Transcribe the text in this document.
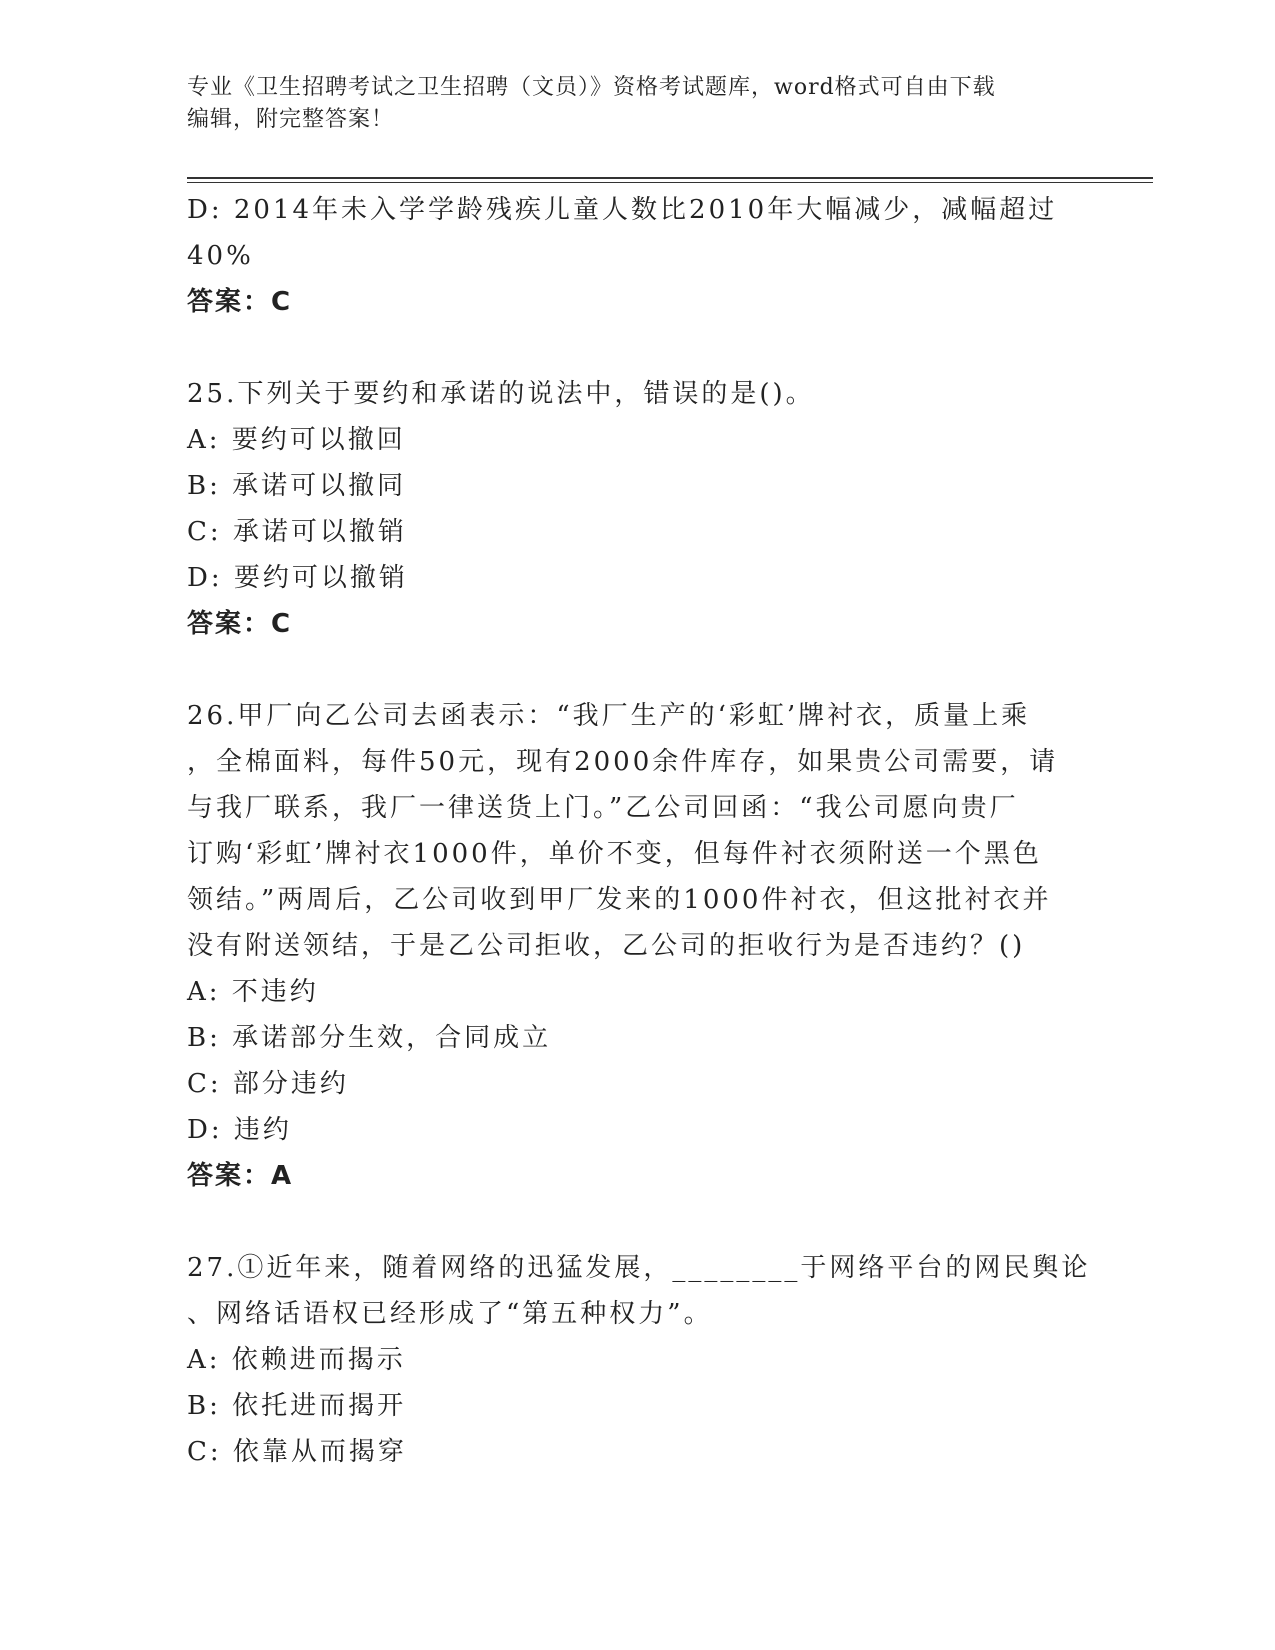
专业《卫生招聘考试之卫生招聘（文员）》资格考试题库，word格式可自由下载
编辑，附完整答案！
D: 2014年未入学学龄残疾儿童人数比2010年大幅减少，减幅超过
40%
答案：C
25.下列关于要约和承诺的说法中，错误的是()。
A: 要约可以撤回
B: 承诺可以撤同
C: 承诺可以撤销
D: 要约可以撤销
答案：C
26.甲厂向乙公司去函表示：“我厂生产的‘彩虹’牌衬衣，质量上乘
，全棉面料，每件50元，现有2000余件库存，如果贵公司需要，请
与我厂联系，我厂一律送货上门。”乙公司回函：“我公司愿向贵厂
订购‘彩虹’牌衬衣1000件，单价不变，但每件衬衣须附送一个黑色
领结。”两周后，乙公司收到甲厂发来的1000件衬衣，但这批衬衣并
没有附送领结，于是乙公司拒收，乙公司的拒收行为是否违约？()
A: 不违约
B: 承诺部分生效，合同成立
C: 部分违约
D: 违约
答案：A
27.①近年来，随着网络的迅猛发展，________于网络平台的网民舆论
、网络话语权已经形成了“第五种权力”。
A: 依赖进而揭示
B: 依托进而揭开
C: 依靠从而揭穿
